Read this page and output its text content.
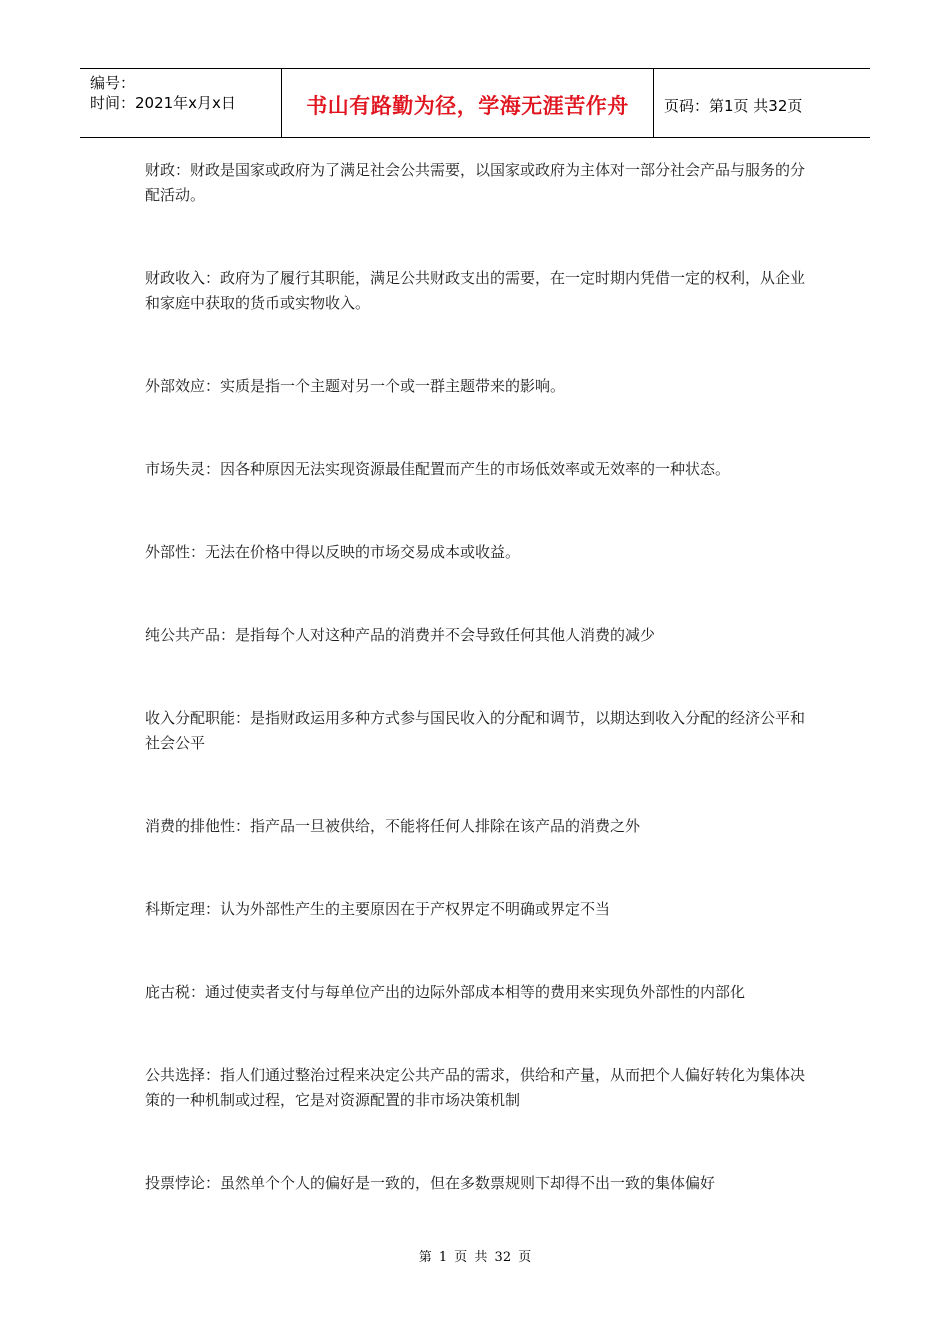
编号：
时间：2021年x月x日	书山有路勤为径，学海无涯苦作舟 页码：第1页 共32页

财政：财政是国家或政府为了满足社会公共需要，以国家或政府为主体对一部分社会产品与服务的分配活动。

财政收入：政府为了履行其职能，满足公共财政支出的需要，在一定时期内凭借一定的权利，从企业和家庭中获取的货币或实物收入。

外部效应：实质是指一个主题对另一个或一群主题带来的影响。

市场失灵：因各种原因无法实现资源最佳配置而产生的市场低效率或无效率的一种状态。

外部性：无法在价格中得以反映的市场交易成本或收益。

纯公共产品：是指每个人对这种产品的消费并不会导致任何其他人消费的减少

收入分配职能：是指财政运用多种方式参与国民收入的分配和调节，以期达到收入分配的经济公平和社会公平

消费的排他性：指产品一旦被供给，不能将任何人排除在该产品的消费之外

科斯定理：认为外部性产生的主要原因在于产权界定不明确或界定不当

庇古税：通过使卖者支付与每单位产出的边际外部成本相等的费用来实现负外部性的内部化

公共选择：指人们通过整治过程来决定公共产品的需求，供给和产量，从而把个人偏好转化为集体决策的一种机制或过程，它是对资源配置的非市场决策机制

投票悖论：虽然单个个人的偏好是一致的，但在多数票规则下却得不出一致的集体偏好

第 1 页 共 32 页
